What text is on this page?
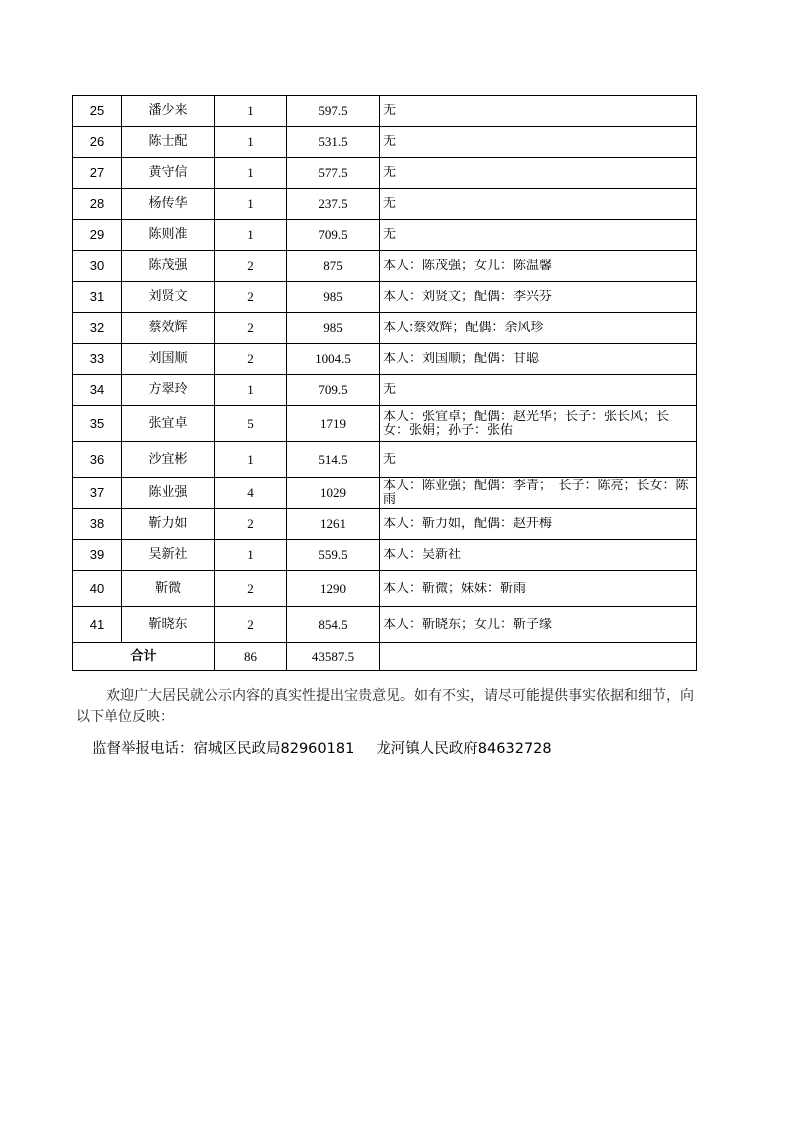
25	潘少来	1	597.5	无

26	陈士配	1	531.5	无

27	黄守信	1	577.5	无

28	杨传华	1	237.5	无

29	陈则准	1	709.5	无

30	陈茂强	2	875	本人：陈茂强；女儿：陈温馨

31	刘贤文	2	985	本人：刘贤文；配偶：李兴芬

32	蔡效辉	2	985	本人:蔡效辉；配偶：余风珍

33	刘国顺	2	1004.5	本人：刘国顺；配偶：甘聪

34	方翠玲	1	709.5	无

35	张宜卓	5	1719	本人：张宜卓；配偶：赵光华；长子：张长风；长女：张娟；孙子：张佑

36	沙宜彬	1	514.5	无

37	陈业强	4	1029	本人：陈业强；配偶：李青；　长子：陈亮；长女：陈雨

38	靳力如	2	1261	本人：靳力如，配偶：赵开梅

39	吴新社	1	559.5	本人：吴新社

40	靳微	2	1290	本人：靳微；妹妹：靳雨

41	靳晓东	2	854.5	本人：靳晓东；女儿：靳子缘

合计		86	43587.5	
欢迎广大居民就公示内容的真实性提出宝贵意见。如有不实，请尽可能提供事实依据和细节，向以下单位反映：
监督举报电话：宿城区民政局82960181 龙河镇人民政府84632728
